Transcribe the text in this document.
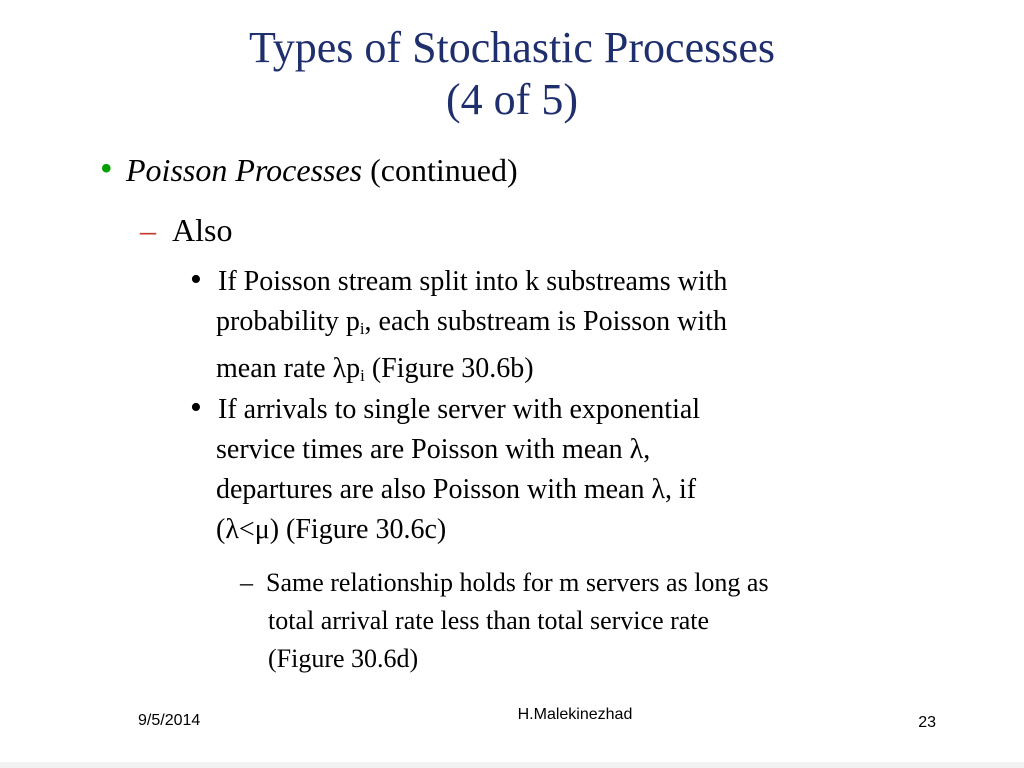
Types of Stochastic Processes
(4 of 5)
• Poisson Processes (continued)
– Also
• If Poisson stream split into k substreams with
probability $p_i$, each substream is Poisson with
mean rate $\lambda p_i$ (Figure 30.6b)
• If arrivals to single server with exponential
service times are Poisson with mean λ,
departures are also Poisson with mean λ, if
(λ<μ) (Figure 30.6c)
– Same relationship holds for m servers as long as
total arrival rate less than total service rate
(Figure 30.6d)
9/5/2014	H.Malekinezhad	23
